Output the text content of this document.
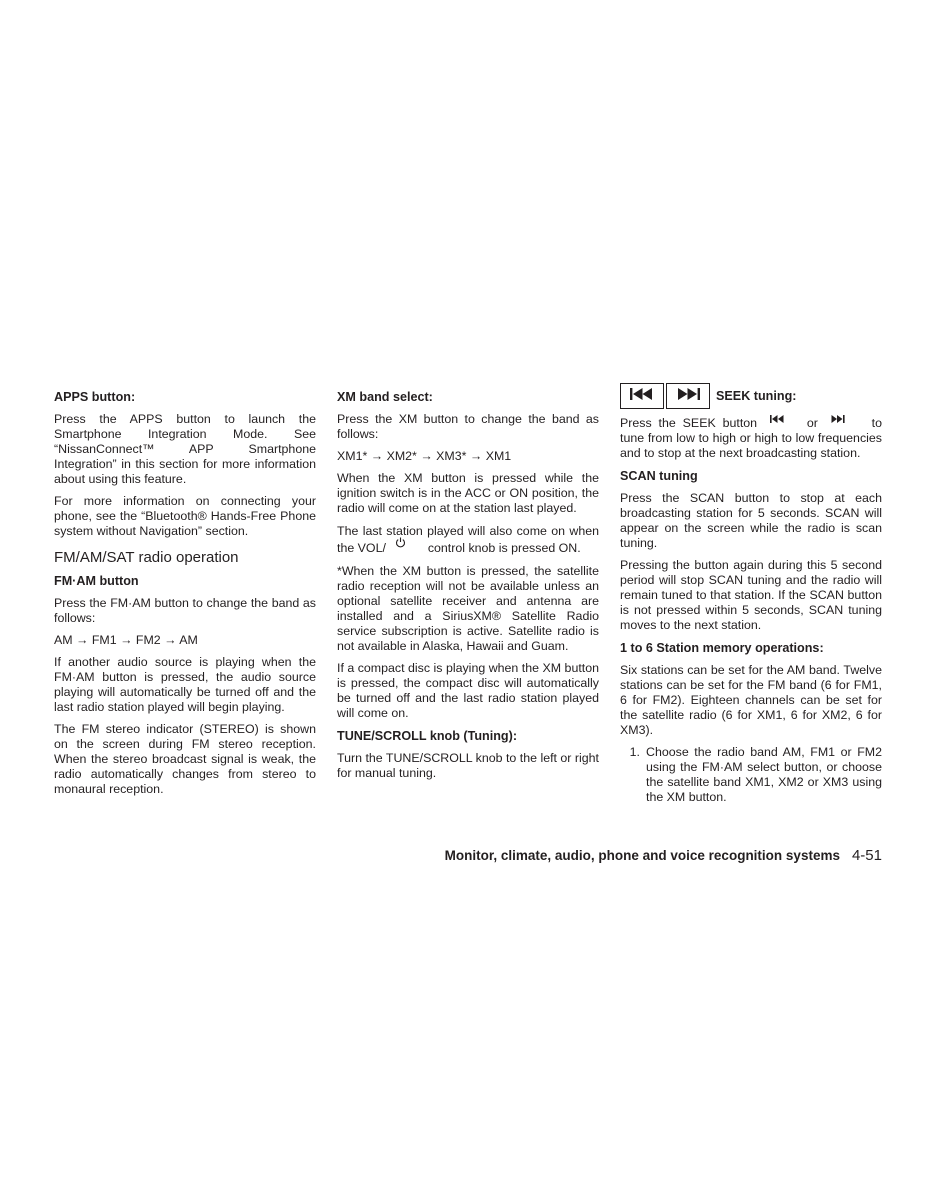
APPS button:

Press the APPS button to launch the Smartphone Integration Mode. See “NissanConnect™ APP Smartphone Integration” in this section for more information about using this feature.

For more information on connecting your phone, see the “Bluetooth® Hands-Free Phone system without Navigation” section.

FM/AM/SAT radio operation
FM·AM button

Press the FM·AM button to change the band as follows:

AM → FM1 → FM2 → AM

If another audio source is playing when the FM·AM button is pressed, the audio source playing will automatically be turned off and the last radio station played will begin playing.

The FM stereo indicator (STEREO) is shown on the screen during FM stereo reception. When the stereo broadcast signal is weak, the radio automatically changes from stereo to monaural reception.

XM band select:

Press the XM button to change the band as follows:

XM1* → XM2* → XM3* → XM1

When the XM button is pressed while the ignition switch is in the ACC or ON position, the radio will come on at the station last played.

The last station played will also come on when the VOL/	control knob is pressed ON.

*When the XM button is pressed, the satellite radio reception will not be available unless an optional satellite receiver and antenna are installed and a SiriusXM® Satellite Radio service subscription is active. Satellite radio is not available in Alaska, Hawaii and Guam.

If a compact disc is playing when the XM button is pressed, the compact disc will automatically be turned off and the last radio station played will come on.

TUNE/SCROLL knob (Tuning):

Turn the TUNE/SCROLL knob to the left or right for manual tuning.

SEEK tuning:

Press the SEEK button	or	to tune from low to high or high to low frequencies and to stop at the next broadcasting station.

SCAN tuning

Press the SCAN button to stop at each broadcasting station for 5 seconds. SCAN will appear on the screen while the radio is scan tuning.

Pressing the button again during this 5 second period will stop SCAN tuning and the radio will remain tuned to that station. If the SCAN button is not pressed within 5 seconds, SCAN tuning moves to the next station.

1 to 6 Station memory operations:

Six stations can be set for the AM band. Twelve stations can be set for the FM band (6 for FM1, 6 for FM2). Eighteen channels can be set for the satellite radio (6 for XM1, 6 for XM2, 6 for XM3).

1. Choose the radio band AM, FM1 or FM2 using the FM·AM select button, or choose the satellite band XM1, XM2 or XM3 using the XM button.
Monitor, climate, audio, phone and voice recognition systems 4-51
